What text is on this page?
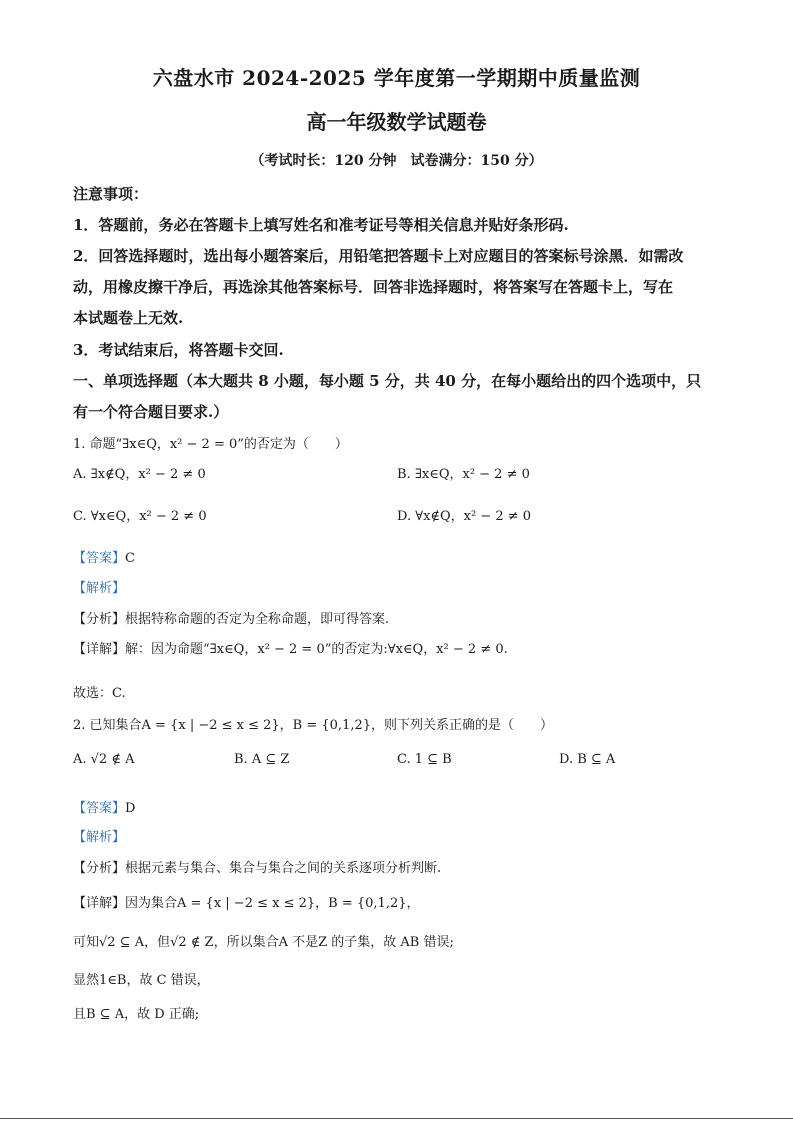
六盘水市 2024-2025 学年度第一学期期中质量监测
高一年级数学试题卷
（考试时长：120 分钟　试卷满分：150 分）
注意事项：
1．答题前，务必在答题卡上填写姓名和准考证号等相关信息并贴好条形码.
2．回答选择题时，选出每小题答案后，用铅笔把答题卡上对应题目的答案标号涂黑．如需改
动，用橡皮擦干净后，再选涂其他答案标号．回答非选择题时，将答案写在答题卡上，写在
本试题卷上无效.
3．考试结束后，将答题卡交回.
一、单项选择题（本大题共 8 小题，每小题 5 分，共 40 分，在每小题给出的四个选项中，只
有一个符合题目要求.）
1. 命题“∃x∈Q，x² − 2 = 0”的否定为（　　）
A. ∃x∉Q，x² − 2 ≠ 0	B. ∃x∈Q，x² − 2 ≠ 0
C. ∀x∈Q，x² − 2 ≠ 0	D. ∀x∉Q，x² − 2 ≠ 0
【答案】C
【解析】
【分析】根据特称命题的否定为全称命题，即可得答案.
【详解】解：因为命题“∃x∈Q，x² − 2 = 0”的否定为:∀x∈Q，x² − 2 ≠ 0.
故选：C.
2. 已知集合A = {x | −2 ≤ x ≤ 2}，B = {0,1,2}，则下列关系正确的是（　　）
A. √2 ∉ A	B. A ⊆ Z	C. 1 ⊆ B	D. B ⊆ A
【答案】D
【解析】
【分析】根据元素与集合、集合与集合之间的关系逐项分析判断.
【详解】因为集合A = {x | −2 ≤ x ≤ 2}，B = {0,1,2}，
可知√2 ⊆ A，但√2 ∉ Z，所以集合A 不是Z 的子集，故 AB 错误;
显然1∈B，故 C 错误，
且B ⊆ A，故 D 正确;
